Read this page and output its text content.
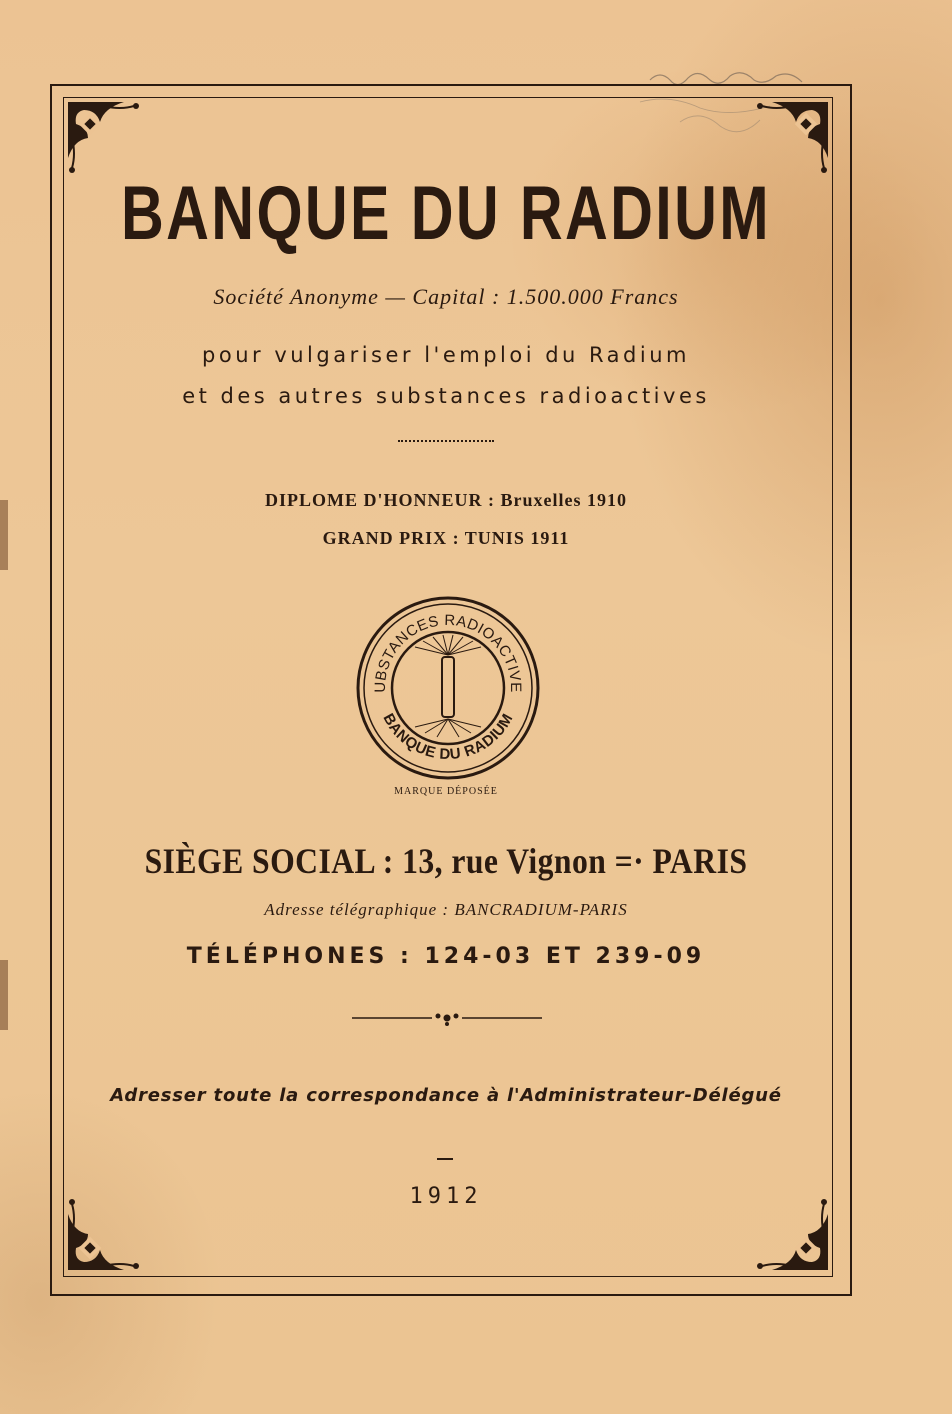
BANQUE DU RADIUM
Société Anonyme — Capital : 1.500.000 Francs
pour vulgariser l'emploi du Radium
et des autres substances radioactives
DIPLOME D'HONNEUR : Bruxelles 1910
GRAND PRIX : TUNIS 1911
UBSTANCES RADIOACTIVE
BANQUE DU RADIUM
MARQUE DÉPOSÉE
SIÈGE SOCIAL : 13, rue Vignon =· PARIS
Adresse télégraphique : BANCRADIUM-PARIS
TÉLÉPHONES : 124-03 ET 239-09
Adresser toute la correspondance à l'Administrateur-Délégué
1912
